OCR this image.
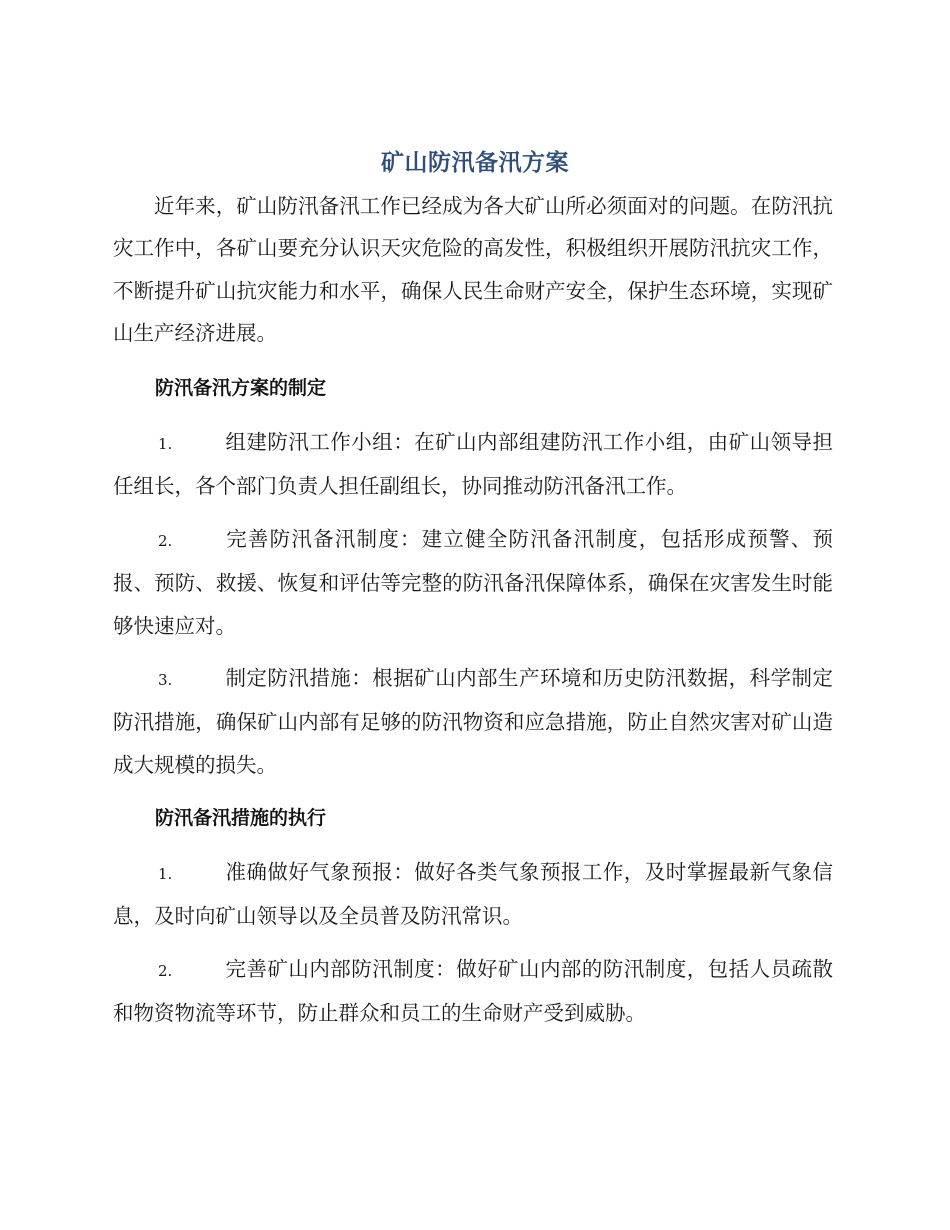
矿山防汛备汛方案
近年来，矿山防汛备汛工作已经成为各大矿山所必须面对的问题。在防汛抗灾工作中，各矿山要充分认识天灾危险的高发性，积极组织开展防汛抗灾工作，不断提升矿山抗灾能力和水平，确保人民生命财产安全，保护生态环境，实现矿山生产经济进展。
防汛备汛方案的制定
1.	组建防汛工作小组：在矿山内部组建防汛工作小组，由矿山领导担任组长，各个部门负责人担任副组长，协同推动防汛备汛工作。
2.	完善防汛备汛制度：建立健全防汛备汛制度，包括形成预警、预报、预防、救援、恢复和评估等完整的防汛备汛保障体系，确保在灾害发生时能够快速应对。
3.	制定防汛措施：根据矿山内部生产环境和历史防汛数据，科学制定防汛措施，确保矿山内部有足够的防汛物资和应急措施，防止自然灾害对矿山造成大规模的损失。
防汛备汛措施的执行
1.	准确做好气象预报：做好各类气象预报工作，及时掌握最新气象信息，及时向矿山领导以及全员普及防汛常识。
2.	完善矿山内部防汛制度：做好矿山内部的防汛制度，包括人员疏散和物资物流等环节，防止群众和员工的生命财产受到威胁。
